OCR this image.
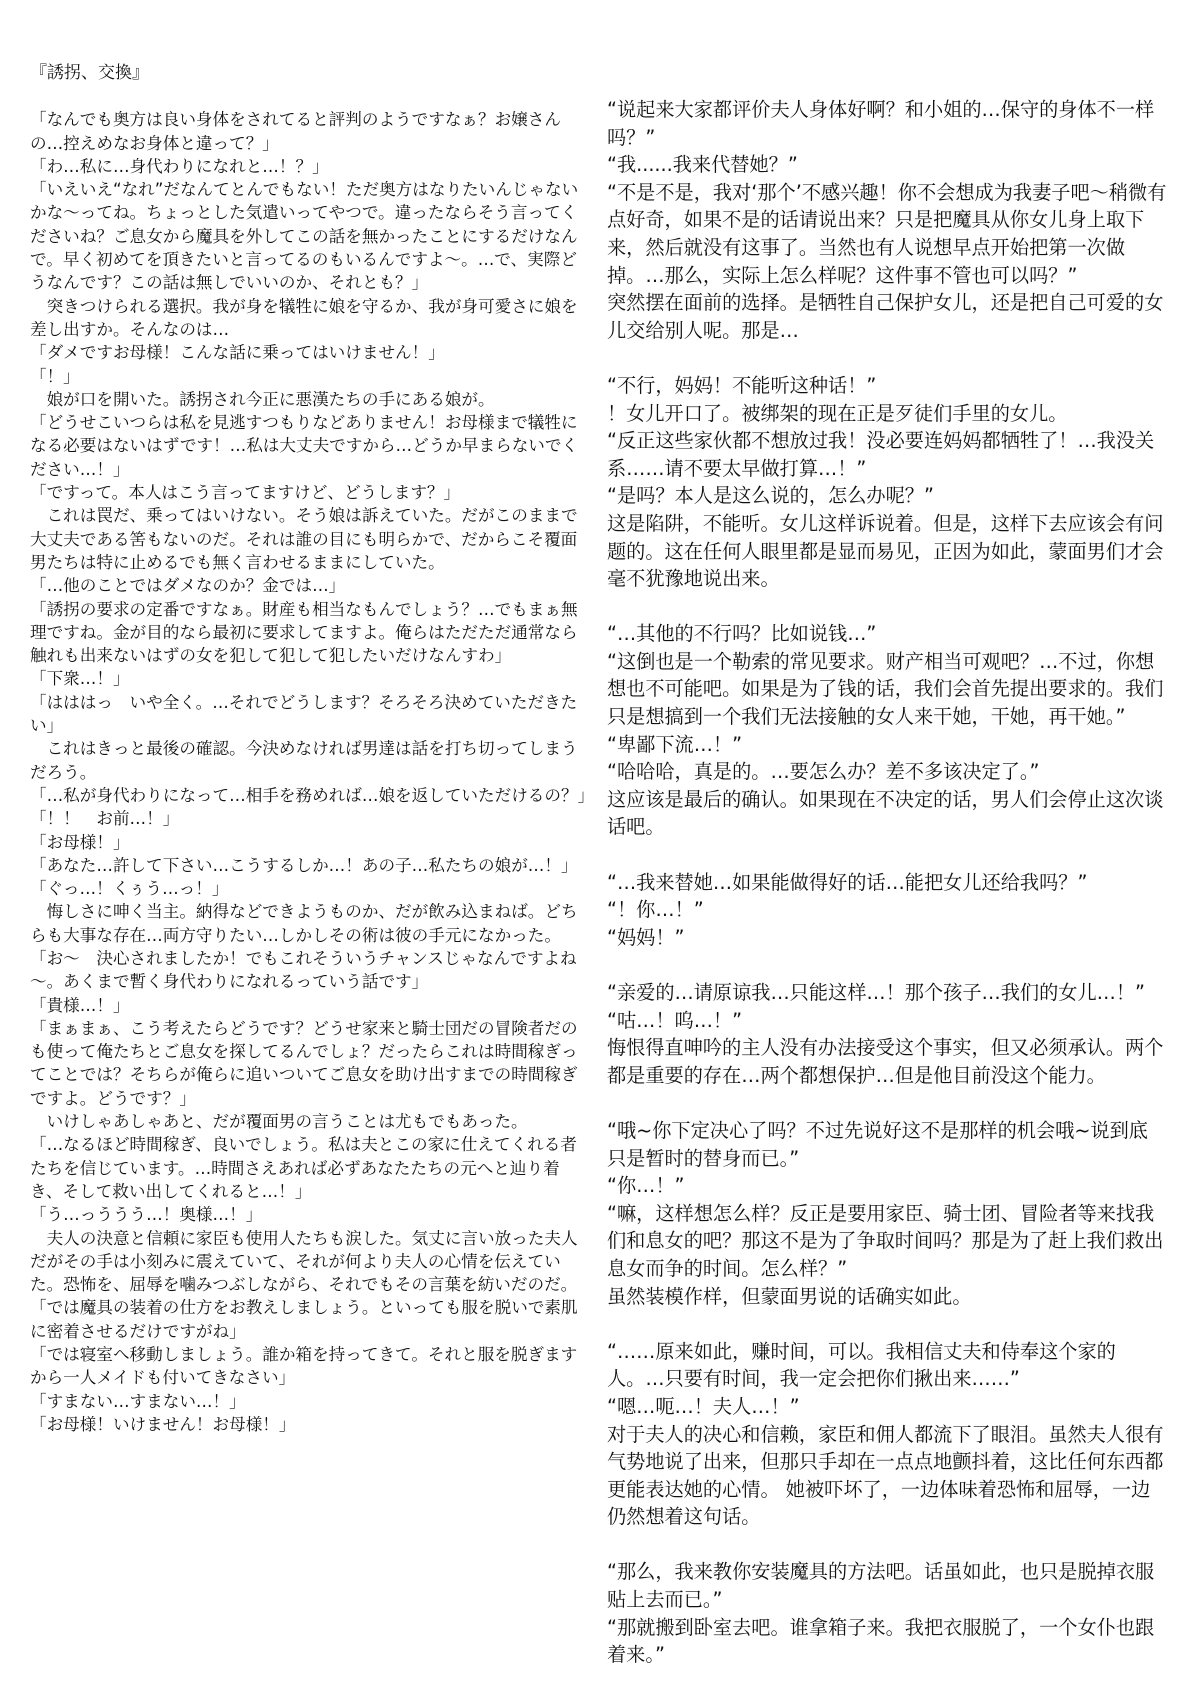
『誘拐、交換』

「なんでも奥方は良い身体をされてると評判のようですなぁ？お嬢さんの…控えめなお身体と違って？」

「わ…私に…身代わりになれと…！？」

「いえいえ“なれ”だなんてとんでもない！ただ奥方はなりたいんじゃないかな～ってね。ちょっとした気遣いってやつで。違ったならそう言ってくださいね？ご息女から魔具を外してこの話を無かったことにするだけなんで。早く初めてを頂きたいと言ってるのもいるんですよ～。…で、実際どうなんです？この話は無しでいいのか、それとも？」

　突きつけられる選択。我が身を犠牲に娘を守るか、我が身可愛さに娘を差し出すか。そんなのは…

「ダメですお母様！こんな話に乗ってはいけません！」

「！」

　娘が口を開いた。誘拐され今正に悪漢たちの手にある娘が。

「どうせこいつらは私を見逃すつもりなどありません！お母様まで犠牲になる必要はないはずです！…私は大丈夫ですから…どうか早まらないでください…！」

「ですって。本人はこう言ってますけど、どうします？」

　これは罠だ、乗ってはいけない。そう娘は訴えていた。だがこのままで大丈夫である筈もないのだ。それは誰の目にも明らかで、だからこそ覆面男たちは特に止めるでも無く言わせるままにしていた。

「…他のことではダメなのか？金では…」

「誘拐の要求の定番ですなぁ。財産も相当なもんでしょう？…でもまぁ無理ですね。金が目的なら最初に要求してますよ。俺らはただただ通常なら触れも出来ないはずの女を犯して犯して犯したいだけなんすわ」

「下衆…！」

「はははっ　いや全く。…それでどうします？そろそろ決めていただきたい」

　これはきっと最後の確認。今決めなければ男達は話を打ち切ってしまうだろう。

「…私が身代わりになって…相手を務めれば…娘を返していただけるの？」

「！！　お前…！」

「お母様！」

「あなた…許して下さい…こうするしか…！あの子…私たちの娘が…！」

「ぐっ…！くぅう…っ！」

　悔しさに呻く当主。納得などできようものか、だが飲み込まねば。どちらも大事な存在…両方守りたい…しかしその術は彼の手元になかった。

「お～　決心されましたか！でもこれそういうチャンスじゃなんですよね～。あくまで暫く身代わりになれるっていう話です」

「貴様…！」

「まぁまぁ、こう考えたらどうです？どうせ家来と騎士団だの冒険者だのも使って俺たちとご息女を探してるんでしょ？だったらこれは時間稼ぎってことでは？そちらが俺らに追いついてご息女を助け出すまでの時間稼ぎですよ。どうです？」

　いけしゃあしゃあと、だが覆面男の言うことは尤もでもあった。

「…なるほど時間稼ぎ、良いでしょう。私は夫とこの家に仕えてくれる者たちを信じています。…時間さえあれば必ずあなたたちの元へと辿り着き、そして救い出してくれると…！」

「う…っううう…！奥様…！」

　夫人の決意と信頼に家臣も使用人たちも涙した。気丈に言い放った夫人だがその手は小刻みに震えていて、それが何より夫人の心情を伝えていた。恐怖を、屈辱を噛みつぶしながら、それでもその言葉を紡いだのだ。

「では魔具の装着の仕方をお教えしましょう。といっても服を脱いで素肌に密着させるだけですがね」

「では寝室へ移動しましょう。誰か箱を持ってきて。それと服を脱ぎますから一人メイドも付いてきなさい」

「すまない…すまない…！」

「お母様！いけません！お母様！」

“说起来大家都评价夫人身体好啊？和小姐的…保守的身体不一样吗？”

“我......我来代替她？”

“不是不是，我对‘那个’不感兴趣！你不会想成为我妻子吧～稍微有点好奇，如果不是的话请说出来？只是把魔具从你女儿身上取下来，然后就没有这事了。当然也有人说想早点开始把第一次做掉。…那么，实际上怎么样呢？这件事不管也可以吗？”

突然摆在面前的选择。是牺牲自己保护女儿，还是把自己可爱的女儿交给别人呢。那是…

“不行，妈妈！不能听这种话！”

！女儿开口了。被绑架的现在正是歹徒们手里的女儿。

“反正这些家伙都不想放过我！没必要连妈妈都牺牲了！…我没关系……请不要太早做打算…！”

“是吗？本人是这么说的，怎么办呢？”

这是陷阱，不能听。女儿这样诉说着。但是，这样下去应该会有问题的。这在任何人眼里都是显而易见，正因为如此，蒙面男们才会毫不犹豫地说出来。

“…其他的不行吗？比如说钱…”

“这倒也是一个勒索的常见要求。财产相当可观吧？…不过，你想想也不可能吧。如果是为了钱的话，我们会首先提出要求的。我们只是想搞到一个我们无法接触的女人来干她，干她，再干她。”

“卑鄙下流…！”

“哈哈哈，真是的。…要怎么办？差不多该决定了。”

这应该是最后的确认。如果现在不决定的话，男人们会停止这次谈话吧。

“…我来替她…如果能做得好的话…能把女儿还给我吗？”

“！你…！”

“妈妈！”

“亲爱的…请原谅我…只能这样…！那个孩子…我们的女儿…！”

“咕…！呜…！”

悔恨得直呻吟的主人没有办法接受这个事实，但又必须承认。两个都是重要的存在…两个都想保护…但是他目前没这个能力。

“哦~你下定决心了吗？不过先说好这不是那样的机会哦~说到底只是暂时的替身而已。”

“你…！”

“嘛，这样想怎么样？反正是要用家臣、骑士团、冒险者等来找我们和息女的吧？那这不是为了争取时间吗？那是为了赶上我们救出息女而争的时间。怎么样？”

虽然装模作样，但蒙面男说的话确实如此。

“……原来如此，赚时间，可以。我相信丈夫和侍奉这个家的人。…只要有时间，我一定会把你们揪出来……”

“嗯…呃…！夫人…！”

对于夫人的决心和信赖，家臣和佣人都流下了眼泪。虽然夫人很有气势地说了出来，但那只手却在一点点地颤抖着，这比任何东西都更能表达她的心情。 她被吓坏了，一边体味着恐怖和屈辱，一边仍然想着这句话。

“那么，我来教你安装魔具的方法吧。话虽如此，也只是脱掉衣服贴上去而已。”

“那就搬到卧室去吧。谁拿箱子来。我把衣服脱了，一个女仆也跟着来。”
